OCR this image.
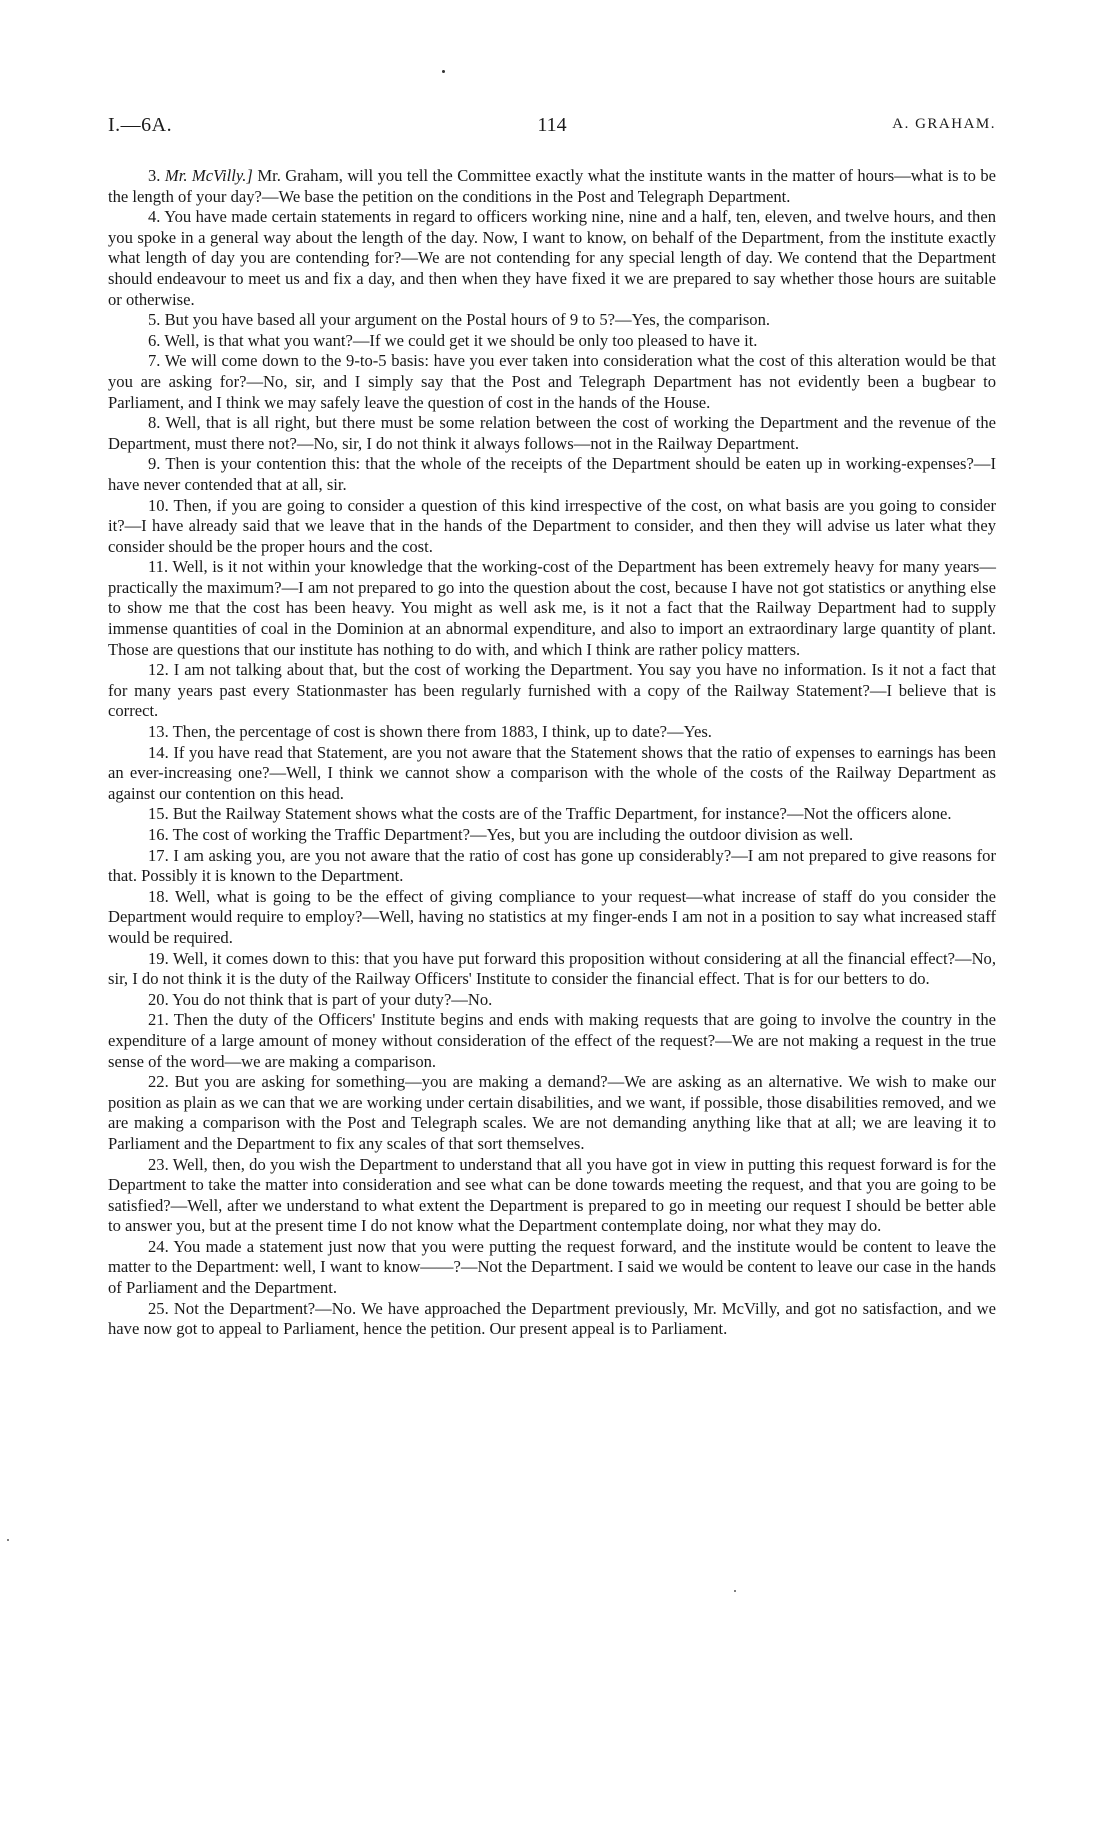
I.—6A.	114	A. GRAHAM.

3. Mr. McVilly.] Mr. Graham, will you tell the Committee exactly what the institute wants in the matter of hours—what is to be the length of your day?—We base the petition on the conditions in the Post and Telegraph Department.

4. You have made certain statements in regard to officers working nine, nine and a half, ten, eleven, and twelve hours, and then you spoke in a general way about the length of the day. Now, I want to know, on behalf of the Department, from the institute exactly what length of day you are contending for?—We are not contending for any special length of day. We contend that the Department should endeavour to meet us and fix a day, and then when they have fixed it we are prepared to say whether those hours are suitable or otherwise.

5. But you have based all your argument on the Postal hours of 9 to 5?—Yes, the comparison.

6. Well, is that what you want?—If we could get it we should be only too pleased to have it.

7. We will come down to the 9-to-5 basis: have you ever taken into consideration what the cost of this alteration would be that you are asking for?—No, sir, and I simply say that the Post and Telegraph Department has not evidently been a bugbear to Parliament, and I think we may safely leave the question of cost in the hands of the House.

8. Well, that is all right, but there must be some relation between the cost of working the Department and the revenue of the Department, must there not?—No, sir, I do not think it always follows—not in the Railway Department.

9. Then is your contention this: that the whole of the receipts of the Department should be eaten up in working-expenses?—I have never contended that at all, sir.

10. Then, if you are going to consider a question of this kind irrespective of the cost, on what basis are you going to consider it?—I have already said that we leave that in the hands of the Department to consider, and then they will advise us later what they consider should be the proper hours and the cost.

11. Well, is it not within your knowledge that the working-cost of the Department has been extremely heavy for many years—practically the maximum?—I am not prepared to go into the question about the cost, because I have not got statistics or anything else to show me that the cost has been heavy. You might as well ask me, is it not a fact that the Railway Department had to supply immense quantities of coal in the Dominion at an abnormal expenditure, and also to import an extraordinary large quantity of plant. Those are questions that our institute has nothing to do with, and which I think are rather policy matters.

12. I am not talking about that, but the cost of working the Department. You say you have no information. Is it not a fact that for many years past every Stationmaster has been regularly furnished with a copy of the Railway Statement?—I believe that is correct.

13. Then, the percentage of cost is shown there from 1883, I think, up to date?—Yes.

14. If you have read that Statement, are you not aware that the Statement shows that the ratio of expenses to earnings has been an ever-increasing one?—Well, I think we cannot show a comparison with the whole of the costs of the Railway Department as against our contention on this head.

15. But the Railway Statement shows what the costs are of the Traffic Department, for instance?—Not the officers alone.

16. The cost of working the Traffic Department?—Yes, but you are including the outdoor division as well.

17. I am asking you, are you not aware that the ratio of cost has gone up considerably?—I am not prepared to give reasons for that. Possibly it is known to the Department.

18. Well, what is going to be the effect of giving compliance to your request—what increase of staff do you consider the Department would require to employ?—Well, having no statistics at my finger-ends I am not in a position to say what increased staff would be required.

19. Well, it comes down to this: that you have put forward this proposition without considering at all the financial effect?—No, sir, I do not think it is the duty of the Railway Officers' Institute to consider the financial effect. That is for our betters to do.

20. You do not think that is part of your duty?—No.

21. Then the duty of the Officers' Institute begins and ends with making requests that are going to involve the country in the expenditure of a large amount of money without consideration of the effect of the request?—We are not making a request in the true sense of the word—we are making a comparison.

22. But you are asking for something—you are making a demand?—We are asking as an alternative. We wish to make our position as plain as we can that we are working under certain disabilities, and we want, if possible, those disabilities removed, and we are making a comparison with the Post and Telegraph scales. We are not demanding anything like that at all; we are leaving it to Parliament and the Department to fix any scales of that sort themselves.

23. Well, then, do you wish the Department to understand that all you have got in view in putting this request forward is for the Department to take the matter into consideration and see what can be done towards meeting the request, and that you are going to be satisfied?—Well, after we understand to what extent the Department is prepared to go in meeting our request I should be better able to answer you, but at the present time I do not know what the Department contemplate doing, nor what they may do.

24. You made a statement just now that you were putting the request forward, and the institute would be content to leave the matter to the Department: well, I want to know——?—Not the Department. I said we would be content to leave our case in the hands of Parliament and the Department.

25. Not the Department?—No. We have approached the Department previously, Mr. McVilly, and got no satisfaction, and we have now got to appeal to Parliament, hence the petition. Our present appeal is to Parliament.
